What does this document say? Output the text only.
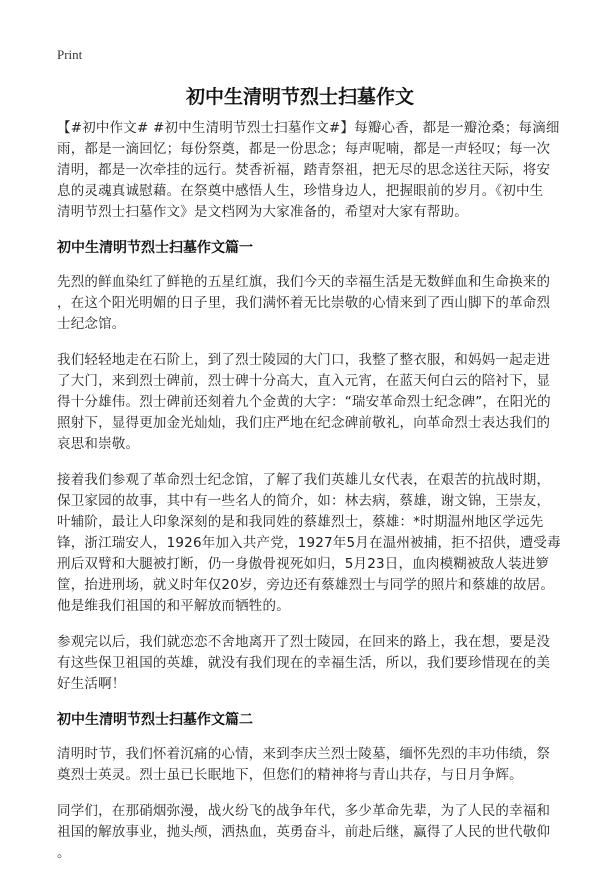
Print
初中生清明节烈士扫墓作文
【#初中作文# #初中生清明节烈士扫墓作文#】每瓣心香，都是一瓣沧桑；每滴细
雨，都是一滴回忆；每份祭奠，都是一份思念；每声呢喃，都是一声轻叹；每一次
清明，都是一次牵挂的远行。焚香祈福，踏青祭祖，把无尽的思念送往天际，将安
息的灵魂真诚慰藉。在祭奠中感悟人生，珍惜身边人，把握眼前的岁月。《初中生
清明节烈士扫墓作文》是文档网为大家准备的，希望对大家有帮助。
初中生清明节烈士扫墓作文篇一
先烈的鲜血染红了鲜艳的五星红旗，我们今天的幸福生活是无数鲜血和生命换来的
，在这个阳光明媚的日子里，我们满怀着无比崇敬的心情来到了西山脚下的革命烈
士纪念馆。
我们轻轻地走在石阶上，到了烈士陵园的大门口，我整了整衣服，和妈妈一起走进
了大门，来到烈士碑前，烈士碑十分高大，直入元宵，在蓝天何白云的陪衬下，显
得十分雄伟。烈士碑前还刻着九个金黄的大字：“瑞安革命烈士纪念碑”，在阳光的
照射下，显得更加金光灿灿，我们庄严地在纪念碑前敬礼，向革命烈士表达我们的
哀思和崇敬。
接着我们参观了革命烈士纪念馆，了解了我们英雄儿女代表，在艰苦的抗战时期，
保卫家园的故事，其中有一些名人的简介，如：林去病，蔡雄，谢文锦，王崇友，
叶辅阶，最让人印象深刻的是和我同姓的蔡雄烈士，蔡雄：*时期温州地区学远先
锋，浙江瑞安人，1926年加入共产党，1927年5月在温州被捕，拒不招供，遭受毒
刑后双臂和大腿被打断，仍一身傲骨视死如归，5月23日，血肉模糊被敌人装进箩
筐，抬进刑场，就义时年仅20岁，旁边还有蔡雄烈士与同学的照片和蔡雄的故居。
他是维我们祖国的和平解放而牺牲的。
参观完以后，我们就恋恋不舍地离开了烈士陵园，在回来的路上，我在想，要是没
有这些保卫祖国的英雄，就没有我们现在的幸福生活，所以，我们要珍惜现在的美
好生活啊！
初中生清明节烈士扫墓作文篇二
清明时节，我们怀着沉痛的心情，来到李庆兰烈士陵墓，缅怀先烈的丰功伟绩，祭
奠烈士英灵。烈士虽已长眠地下，但您们的精神将与青山共存，与日月争辉。
同学们，在那硝烟弥漫，战火纷飞的战争年代，多少革命先辈，为了人民的幸福和
祖国的解放事业，抛头颅，洒热血，英勇奋斗，前赴后继，赢得了人民的世代敬仰
。
